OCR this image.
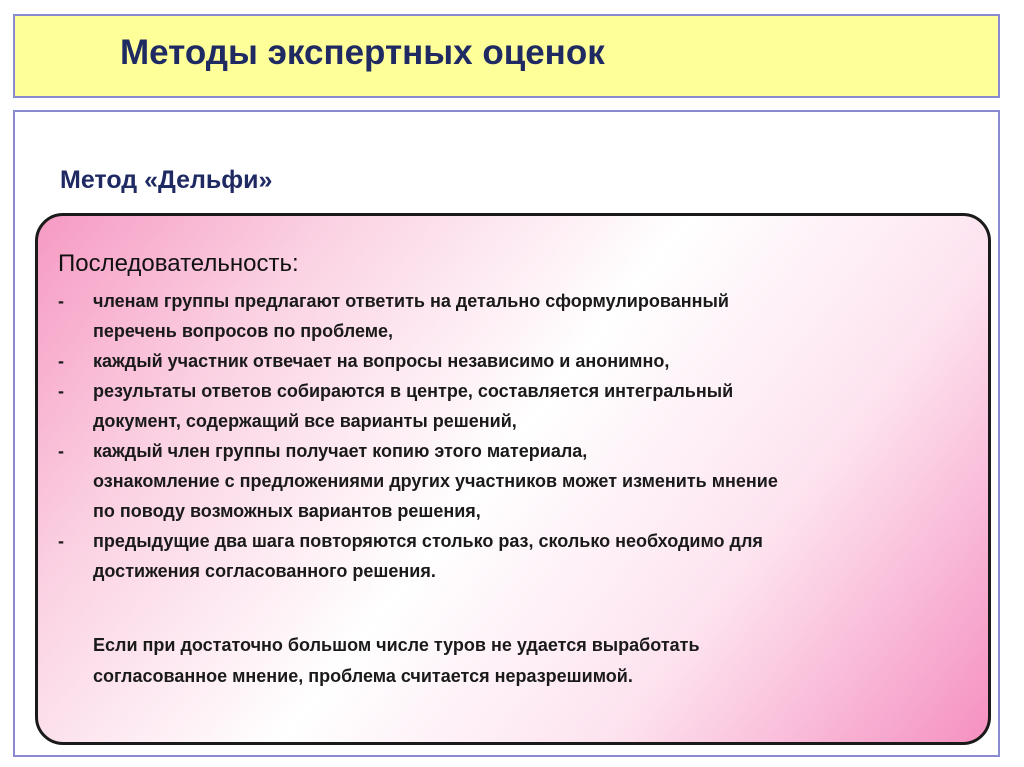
Методы экспертных оценок
Метод «Дельфи»
Последовательность:
- членам группы предлагают ответить на детально сформулированный
перечень вопросов по проблеме,
- каждый участник отвечает на вопросы независимо и анонимно,
- результаты ответов собираются в центре, составляется интегральный
документ, содержащий все варианты решений,
- каждый член группы получает копию этого материала,
ознакомление с предложениями других участников может изменить мнение
по поводу возможных вариантов решения,
- предыдущие два шага повторяются столько раз, сколько необходимо для
достижения согласованного решения.

Если при достаточно большом числе туров не удается выработать
согласованное мнение, проблема считается неразрешимой.
